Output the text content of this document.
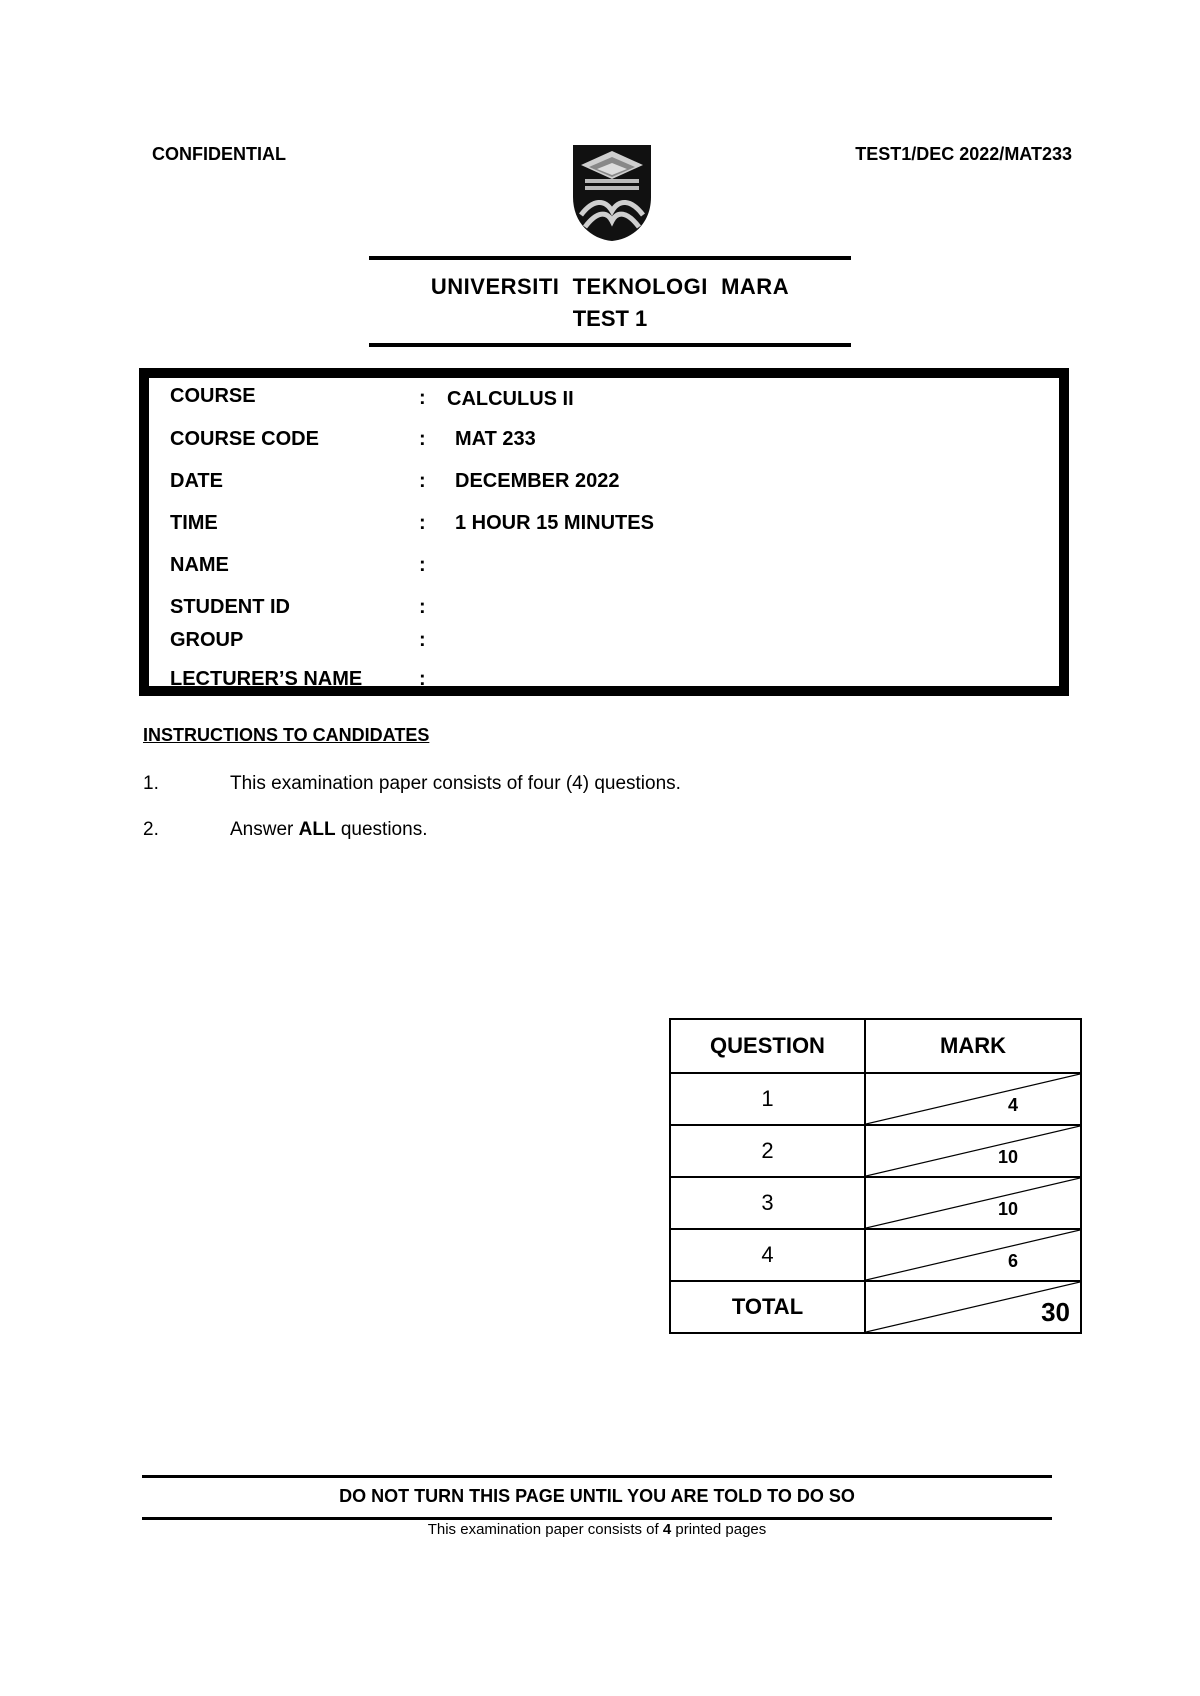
CONFIDENTIAL	TEST1/DEC 2022/MAT233
UNIVERSITI  TEKNOLOGI  MARA
TEST 1
COURSE	: CALCULUS II
COURSE CODE	: MAT 233
DATE	: DECEMBER 2022
TIME	: 1 HOUR 15 MINUTES
NAME	:
STUDENT ID	:
GROUP	:
LECTURER’S NAME	:
INSTRUCTIONS TO CANDIDATES
1.	This examination paper consists of four (4) questions.
2.	Answer ALL questions.
QUESTION	MARK
1	4

2	10

3	10

4	6

TOTAL	30
DO NOT TURN THIS PAGE UNTIL YOU ARE TOLD TO DO SO
This examination paper consists of 4 printed pages
